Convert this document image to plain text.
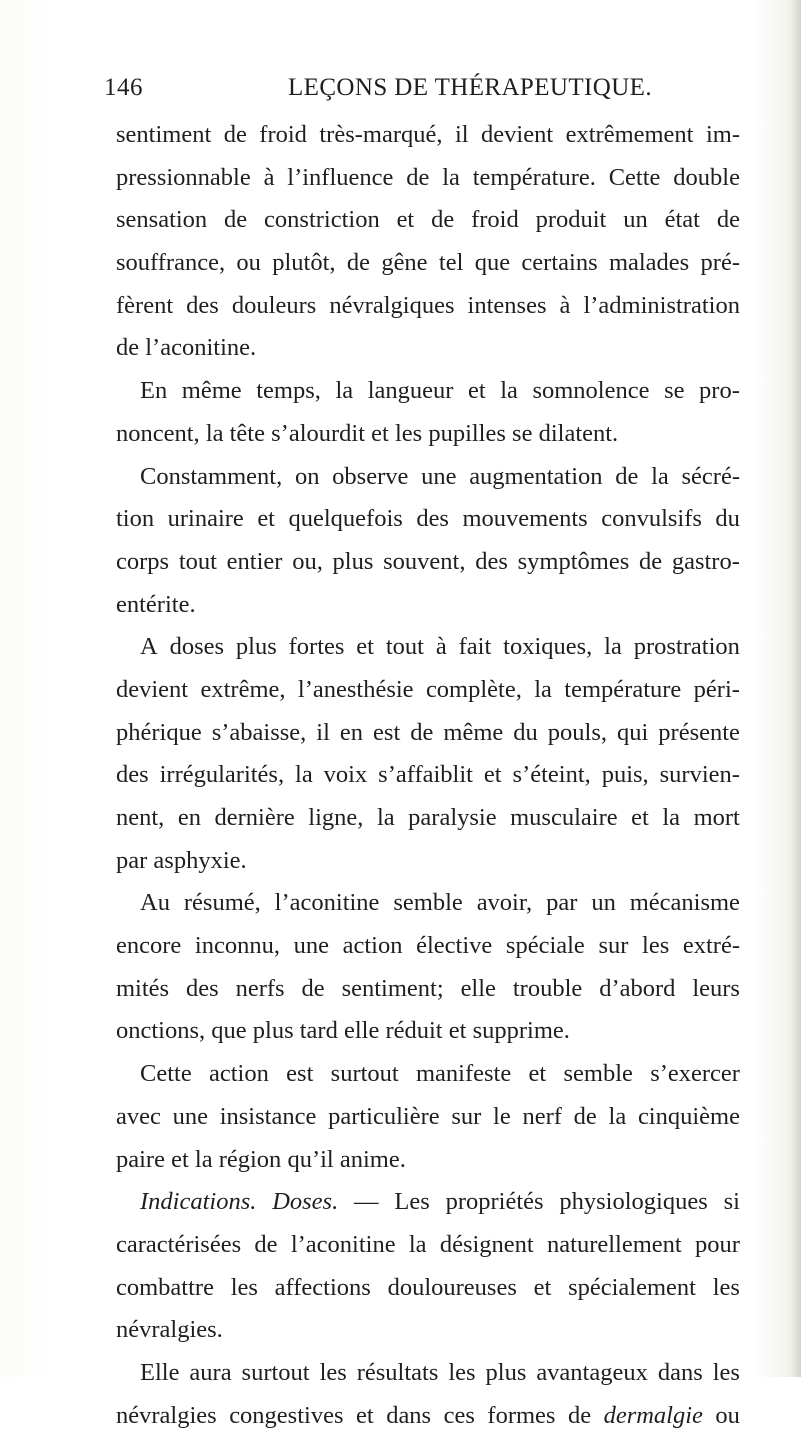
146	LEÇONS DE THÉRAPEUTIQUE.
sentiment de froid très-marqué, il devient extrêmement im-
pressionnable à l’influence de la température. Cette double
sensation de constriction et de froid produit un état de
souffrance, ou plutôt, de gêne tel que certains malades pré-
fèrent des douleurs névralgiques intenses à l’administration
de
l’aconitine.
En même temps, la langueur et la somnolence se pro-
noncent,
la
tête
s’alourdit
et
les
pupilles
se
dilatent.
Constamment, on observe une augmentation de la sécré-
tion urinaire et quelquefois des mouvements convulsifs du
corps tout entier ou, plus souvent, des symptômes de gastro-
entérite.
A doses plus fortes et tout à fait toxiques, la prostration
devient extrême, l’anesthésie complète, la température péri-
phérique s’abaisse, il en est de même du pouls, qui présente
des irrégularités, la voix s’affaiblit et s’éteint, puis, survien-
nent, en dernière ligne, la paralysie musculaire et la mort
par
asphyxie.
Au résumé, l’aconitine semble avoir, par un mécanisme
encore inconnu, une action élective spéciale sur les extré-
mités des nerfs de sentiment; elle trouble d’abord leurs
onctions,
que
plus
tard
elle
réduit
et
supprime.
Cette action est surtout manifeste et semble s’exercer
avec une insistance particulière sur le nerf de la cinquième
paire
et
la
région
qu’il
anime.
Indications. Doses. — Les propriétés physiologiques si
caractérisées de l’aconitine la désignent naturellement pour
combattre les affections douloureuses et spécialement les
névralgies.
Elle aura surtout les résultats les plus avantageux dans les
névralgies congestives et dans ces formes de dermalgie ou
